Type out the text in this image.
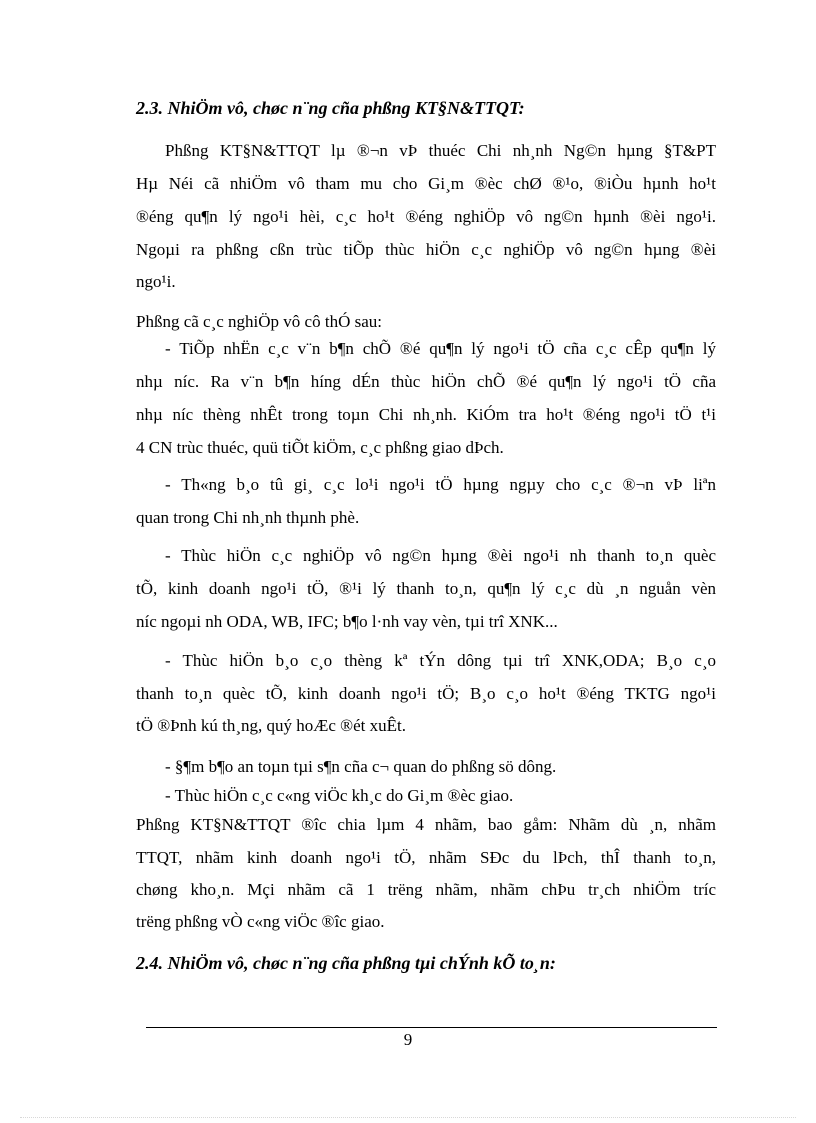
2.3. NhiÖm vô, chøc n¨ng cña phßng KT§N&TTQT:
Phßng KT§N&TTQT lµ ®¬n vÞ thuéc Chi nh¸nh Ng©n hµng §T&PT
Hµ Néi cã nhiÖm vô tham mu cho Gi¸m ®èc chØ ®¹o, ®iÒu hµnh ho¹t
®éng qu¶n lý ngo¹i hèi, c¸c ho¹t ®éng nghiÖp vô ng©n hµnh ®èi ngo¹i.
Ngoµi ra phßng cßn trùc tiÕp thùc hiÖn c¸c nghiÖp vô ng©n hµng ®èi
ngo¹i.
Phßng cã c¸c nghiÖp vô cô thÓ sau:
- TiÕp nhËn c¸c v¨n b¶n chÕ ®é qu¶n lý ngo¹i tÖ cña c¸c cÊp qu¶n lý
nhµ níc. Ra v¨n b¶n híng dÉn thùc hiÖn chÕ ®é qu¶n lý ngo¹i tÖ cña
nhµ níc thèng nhÊt trong toµn Chi nh¸nh. KiÓm tra ho¹t ®éng ngo¹i tÖ t¹i
4 CN trùc thuéc, quü tiÕt kiÖm, c¸c phßng giao dÞch.
- Th«ng b¸o tû gi¸ c¸c lo¹i ngo¹i tÖ hµng ngµy cho c¸c ®¬n vÞ liªn
quan trong Chi nh¸nh thµnh phè.
- Thùc hiÖn c¸c nghiÖp vô ng©n hµng ®èi ngo¹i nh thanh to¸n quèc
tÕ, kinh doanh ngo¹i tÖ, ®¹i lý thanh to¸n, qu¶n lý c¸c dù ¸n nguån vèn
níc ngoµi nh ODA, WB, IFC; b¶o l·nh vay vèn, tµi trî XNK...
- Thùc hiÖn b¸o c¸o thèng kª tÝn dông tµi trî XNK,ODA; B¸o c¸o
thanh to¸n quèc tÕ, kinh doanh ngo¹i tÖ; B¸o c¸o ho¹t ®éng TKTG ngo¹i
tÖ ®Þnh kú th¸ng, quý hoÆc ®ét xuÊt.
- §¶m b¶o an toµn tµi s¶n cña c¬ quan do phßng sö dông.
- Thùc hiÖn c¸c c«ng viÖc kh¸c do Gi¸m ®èc giao.
Phßng KT§N&TTQT ®îc chia lµm 4 nhãm, bao gåm: Nhãm dù ¸n, nhãm
TTQT, nhãm kinh doanh ngo¹i tÖ, nhãm SÐc du lÞch, thÎ thanh to¸n,
chøng kho¸n. Mçi nhãm cã 1 trëng nhãm, nhãm chÞu tr¸ch nhiÖm tríc
trëng phßng vÒ c«ng viÖc ®îc giao.
2.4. NhiÖm vô, chøc n¨ng cña phßng tµi chÝnh kÕ to¸n:
9
